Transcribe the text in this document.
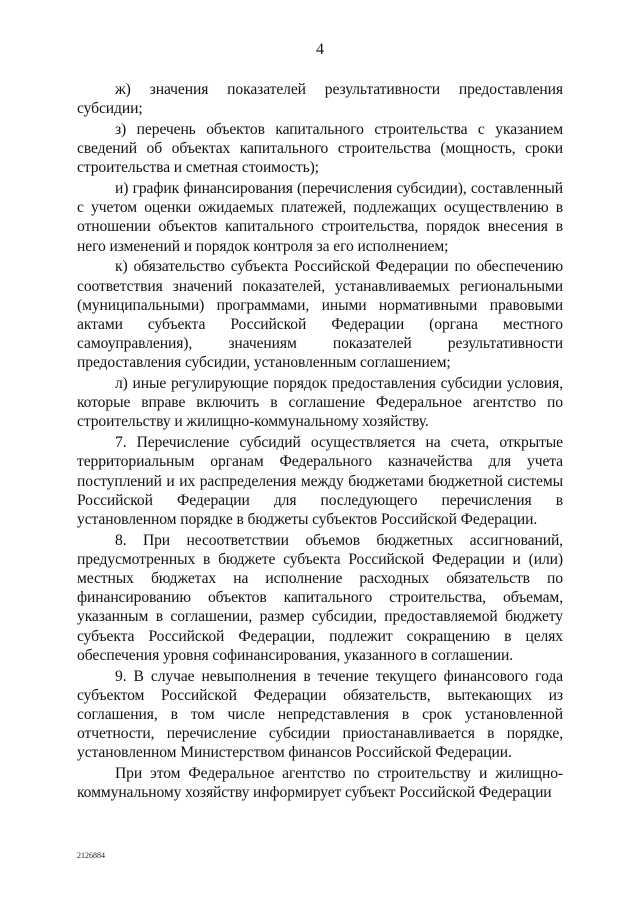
4

ж) значения показателей результативности предоставления субсидии;

з) перечень объектов капитального строительства с указанием сведений об объектах капитального строительства (мощность, сроки строительства и сметная стоимость);

и) график финансирования (перечисления субсидии), составленный с учетом оценки ожидаемых платежей, подлежащих осуществлению в отношении объектов капитального строительства, порядок внесения в него изменений и порядок контроля за его исполнением;

к) обязательство субъекта Российской Федерации по обеспечению соответствия значений показателей, устанавливаемых региональными (муниципальными) программами, иными нормативными правовыми актами субъекта Российской Федерации (органа местного самоуправления), значениям показателей результативности предоставления субсидии, установленным соглашением;

л) иные регулирующие порядок предоставления субсидии условия, которые вправе включить в соглашение Федеральное агентство по строительству и жилищно-коммунальному хозяйству.

7. Перечисление субсидий осуществляется на счета, открытые территориальным органам Федерального казначейства для учета поступлений и их распределения между бюджетами бюджетной системы Российской Федерации для последующего перечисления в установленном порядке в бюджеты субъектов Российской Федерации.

8. При несоответствии объемов бюджетных ассигнований, предусмотренных в бюджете субъекта Российской Федерации и (или) местных бюджетах на исполнение расходных обязательств по финансированию объектов капитального строительства, объемам, указанным в соглашении, размер субсидии, предоставляемой бюджету субъекта Российской Федерации, подлежит сокращению в целях обеспечения уровня софинансирования, указанного в соглашении.

9. В случае невыполнения в течение текущего финансового года субъектом Российской Федерации обязательств, вытекающих из соглашения, в том числе непредставления в срок установленной отчетности, перечисление субсидии приостанавливается в порядке, установленном Министерством финансов Российской Федерации.

При этом Федеральное агентство по строительству и жилищно-коммунальному хозяйству информирует субъект Российской Федерации

2126884
